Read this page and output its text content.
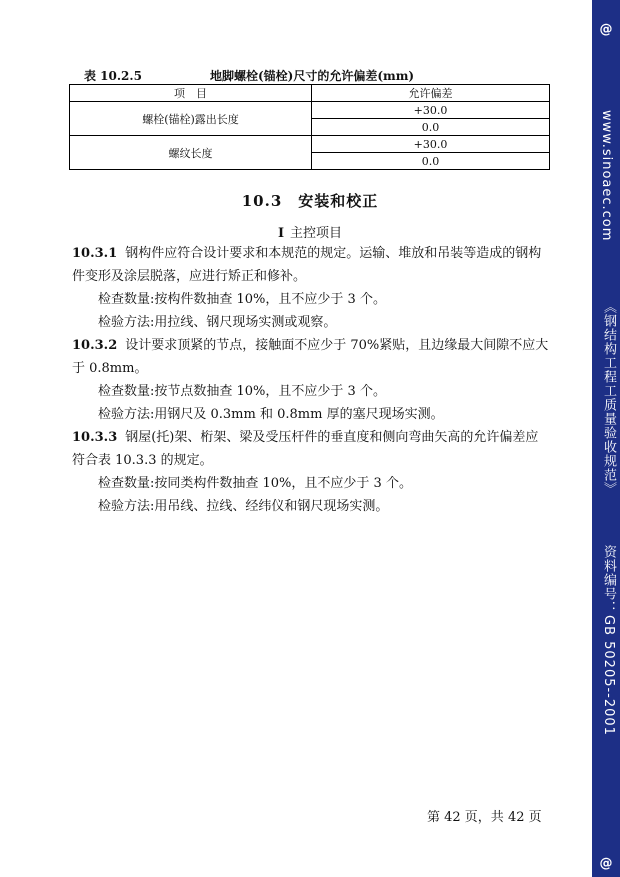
表 10.2.5	地脚螺栓(锚栓)尺寸的允许偏差(mm)
项　目	允许偏差
螺栓(锚栓)露出长度	+30.0
	0.0
螺纹长度	+30.0
	0.0
10.3　安装和校正
I 主控项目

10.3.1 钢构件应符合设计要求和本规范的规定。运输、堆放和吊装等造成的钢构件变形及涂层脱落，应进行矫正和修补。

检查数量:按构件数抽查 10%，且不应少于 3 个。

检验方法:用拉线、钢尺现场实测或观察。

10.3.2 设计要求顶紧的节点，接触面不应少于 70%紧贴，且边缘最大间隙不应大于 0.8mm。

检查数量:按节点数抽查 10%，且不应少于 3 个。

检验方法:用钢尺及 0.3mm 和 0.8mm 厚的塞尺现场实测。

10.3.3 钢屋(托)架、桁架、梁及受压杆件的垂直度和侧向弯曲矢高的允许偏差应符合表 10.3.3 的规定。

检查数量:按同类构件数抽查 10%，且不应少于 3 个。

检验方法:用吊线、拉线、经纬仪和钢尺现场实测。

第 42 页，共 42 页
@
www.sinoaec.com
《钢结构工程工质量验收规范》
资料编号：GB 50205--2001
@
